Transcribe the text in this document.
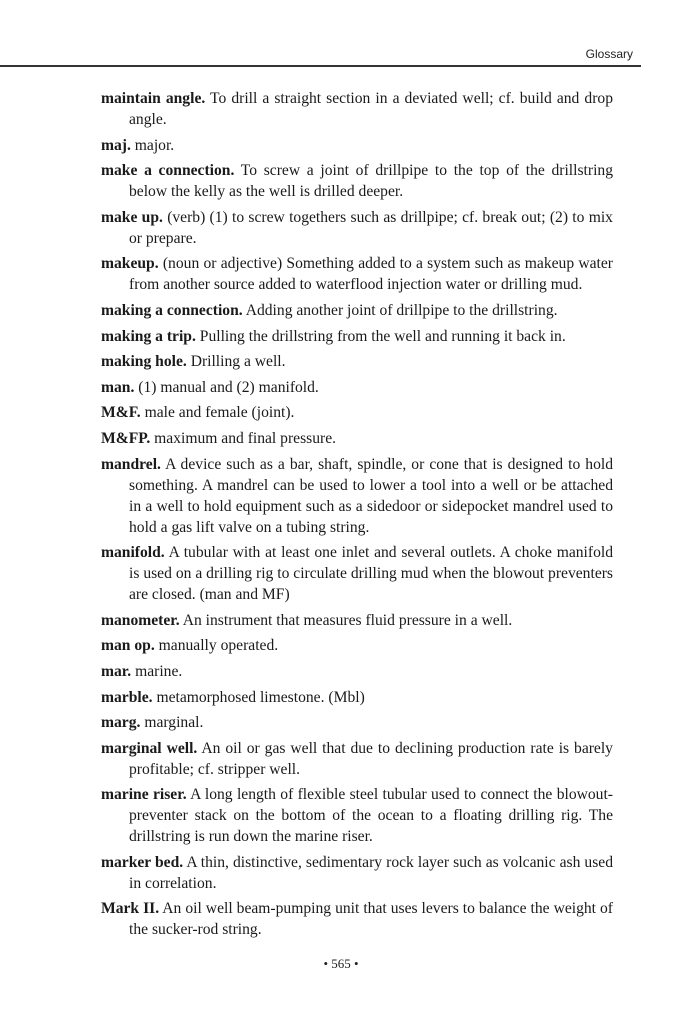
Glossary

maintain angle. To drill a straight section in a deviated well; cf. build and drop angle.

maj. major.

make a connection. To screw a joint of drillpipe to the top of the drillstring below the kelly as the well is drilled deeper.

make up. (verb) (1) to screw togethers such as drillpipe; cf. break out; (2) to mix or prepare.

makeup. (noun or adjective) Something added to a system such as makeup water from another source added to waterflood injection water or drilling mud.

making a connection. Adding another joint of drillpipe to the drillstring.

making a trip. Pulling the drillstring from the well and running it back in.

making hole. Drilling a well.

man. (1) manual and (2) manifold.

M&F. male and female (joint).

M&FP. maximum and final pressure.

mandrel. A device such as a bar, shaft, spindle, or cone that is designed to hold something. A mandrel can be used to lower a tool into a well or be attached in a well to hold equipment such as a sidedoor or sidepocket mandrel used to hold a gas lift valve on a tubing string.

manifold. A tubular with at least one inlet and several outlets. A choke manifold is used on a drilling rig to circulate drilling mud when the blowout preventers are closed. (man and MF)

manometer. An instrument that measures fluid pressure in a well.

man op. manually operated.

mar. marine.

marble. metamorphosed limestone. (Mbl)

marg. marginal.

marginal well. An oil or gas well that due to declining production rate is barely profitable; cf. stripper well.

marine riser. A long length of flexible steel tubular used to connect the blowout-preventer stack on the bottom of the ocean to a floating drilling rig. The drillstring is run down the marine riser.

marker bed. A thin, distinctive, sedimentary rock layer such as volcanic ash used in correlation.

Mark II. An oil well beam-pumping unit that uses levers to balance the weight of the sucker-rod string.

• 565 •
